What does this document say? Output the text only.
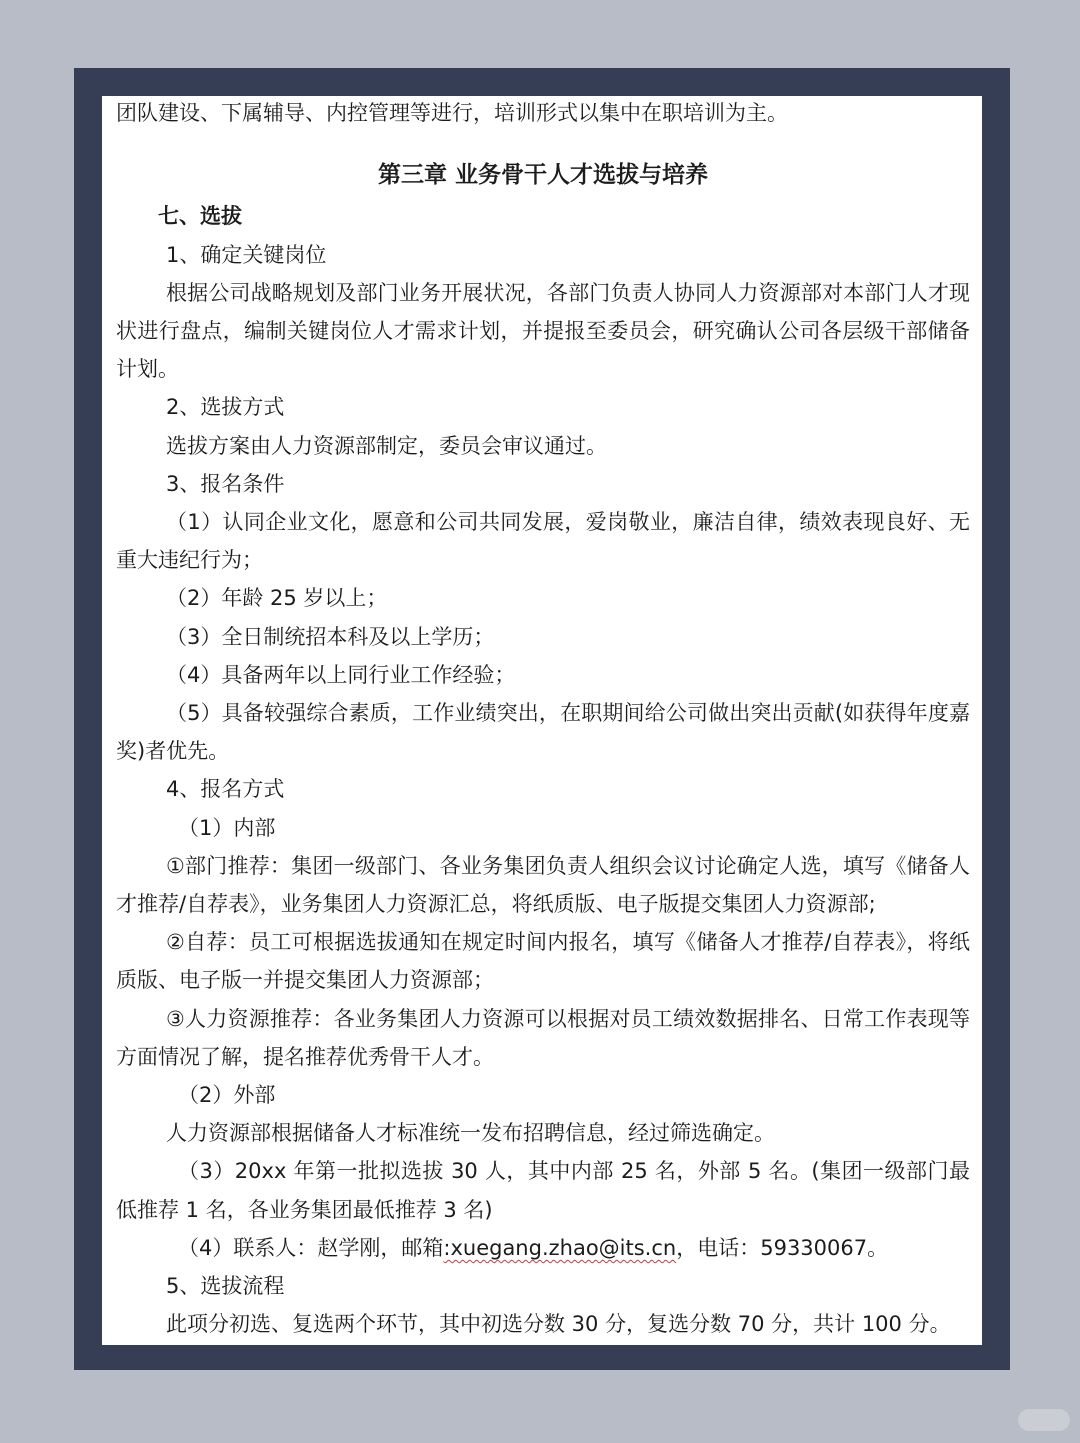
团队建设、下属辅导、内控管理等进行，培训形式以集中在职培训为主。

第三章 业务骨干人才选拔与培养

七、选拔

1、确定关键岗位

根据公司战略规划及部门业务开展状况，各部门负责人协同人力资源部对本部门人才现状进行盘点，编制关键岗位人才需求计划，并提报至委员会，研究确认公司各层级干部储备计划。

2、选拔方式

选拔方案由人力资源部制定，委员会审议通过。

3、报名条件

（1）认同企业文化，愿意和公司共同发展，爱岗敬业，廉洁自律，绩效表现良好、无重大违纪行为；

（2）年龄 25 岁以上；

（3）全日制统招本科及以上学历；

（4）具备两年以上同行业工作经验；

（5）具备较强综合素质，工作业绩突出，在职期间给公司做出突出贡献(如获得年度嘉奖)者优先。

4、报名方式

（1）内部

①部门推荐：集团一级部门、各业务集团负责人组织会议讨论确定人选，填写《储备人才推荐/自荐表》，业务集团人力资源汇总，将纸质版、电子版提交集团人力资源部;

②自荐：员工可根据选拔通知在规定时间内报名，填写《储备人才推荐/自荐表》，将纸质版、电子版一并提交集团人力资源部；

③人力资源推荐：各业务集团人力资源可以根据对员工绩效数据排名、日常工作表现等方面情况了解，提名推荐优秀骨干人才。

（2）外部

人力资源部根据储备人才标准统一发布招聘信息，经过筛选确定。

（3）20xx 年第一批拟选拔 30 人，其中内部 25 名，外部 5 名。(集团一级部门最低推荐 1 名，各业务集团最低推荐 3 名)

（4）联系人：赵学刚，邮箱:xuegang.zhao@its.cn，电话：59330067。

5、选拔流程

此项分初选、复选两个环节，其中初选分数 30 分，复选分数 70 分，共计 100 分。
